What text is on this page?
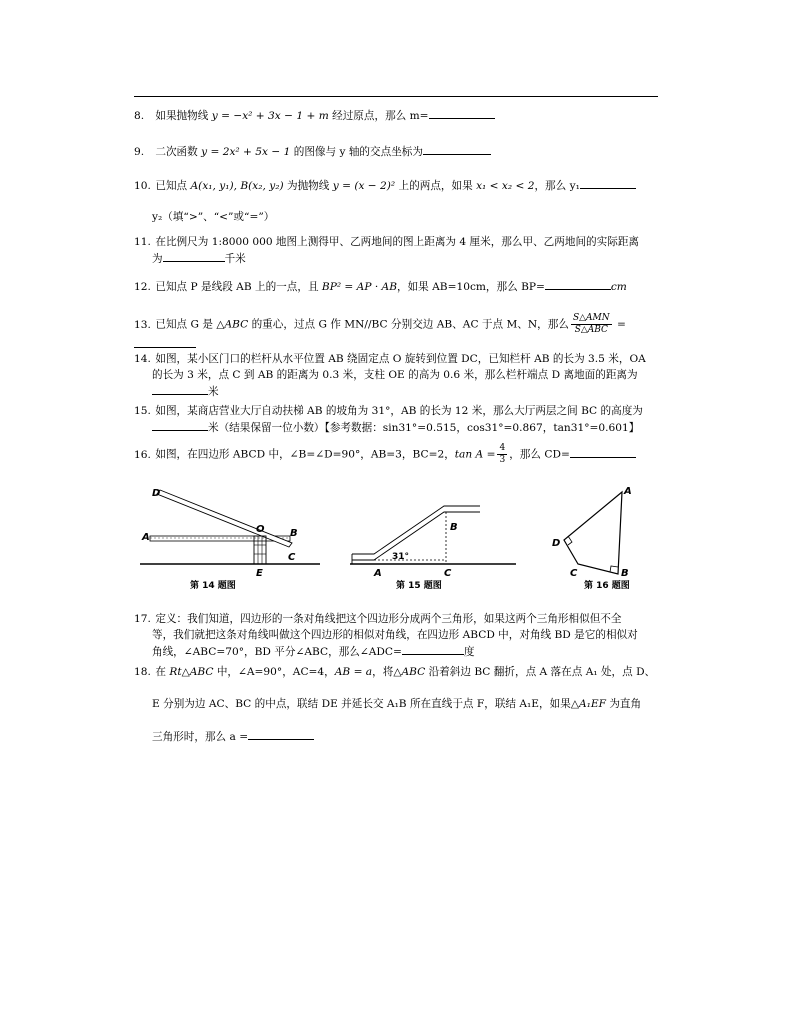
8. 如果抛物线 y = −x² + 3x − 1 + m 经过原点，那么 m=
9. 二次函数 y = 2x² + 5x − 1 的图像与 y 轴的交点坐标为
10. 已知点 A(x₁, y₁), B(x₂, y₂) 为抛物线 y = (x − 2)² 上的两点，如果 x₁ < x₂ < 2，那么 y₁
y₂（填“>”、“<”或“=”）
11. 在比例尺为 1:8000 000 地图上测得甲、乙两地间的图上距离为 4 厘米，那么甲、乙两地间的实际距离
为	千米
12. 已知点 P 是线段 AB 上的一点，且 BP² = AP · AB，如果 AB=10cm，那么 BP=	cm
13. 已知点 G 是 △ABC 的重心，过点 G 作 MN//BC 分别交边 AB、AC 于点 M、N，那么 $\frac{\text{S△AMN}}{\text{S△ABC}}$ =
14. 如图，某小区门口的栏杆从水平位置 AB 绕固定点 O 旋转到位置 DC，已知栏杆 AB 的长为 3.5 米，OA
的长为 3 米，点 C 到 AB 的距离为 0.3 米，支柱 OE 的高为 0.6 米，那么栏杆端点 D 离地面的距离为
米
15. 如图，某商店营业大厅自动扶梯 AB 的坡角为 31°，AB 的长为 12 米，那么大厅两层之间 BC 的高度为
米（结果保留一位小数）【参考数据：sin31°=0.515，cos31°=0.867，tan31°=0.601】
16. 如图，在四边形 ABCD 中，∠B=∠D=90°，AB=3，BC=2，$\tan A = \frac{4}{3}$ ，那么 CD=
D
A
O	B
C
E
第 14 题图
B
31°
A	C
第 15 题图
A
D
C	B
第 16 题图
17. 定义：我们知道，四边形的一条对角线把这个四边形分成两个三角形，如果这两个三角形相似但不全
等，我们就把这条对角线叫做这个四边形的相似对角线，在四边形 ABCD 中，对角线 BD 是它的相似对
角线，∠ABC=70°，BD 平分∠ABC，那么∠ADC=	度
18. 在 Rt△ABC 中，∠A=90°，AC=4，AB = a，将△ABC 沿着斜边 BC 翻折，点 A 落在点 A₁ 处，点 D、
E 分别为边 AC、BC 的中点，联结 DE 并延长交 A₁B 所在直线于点 F，联结 A₁E，如果△A₁EF 为直角
三角形时，那么 a =
